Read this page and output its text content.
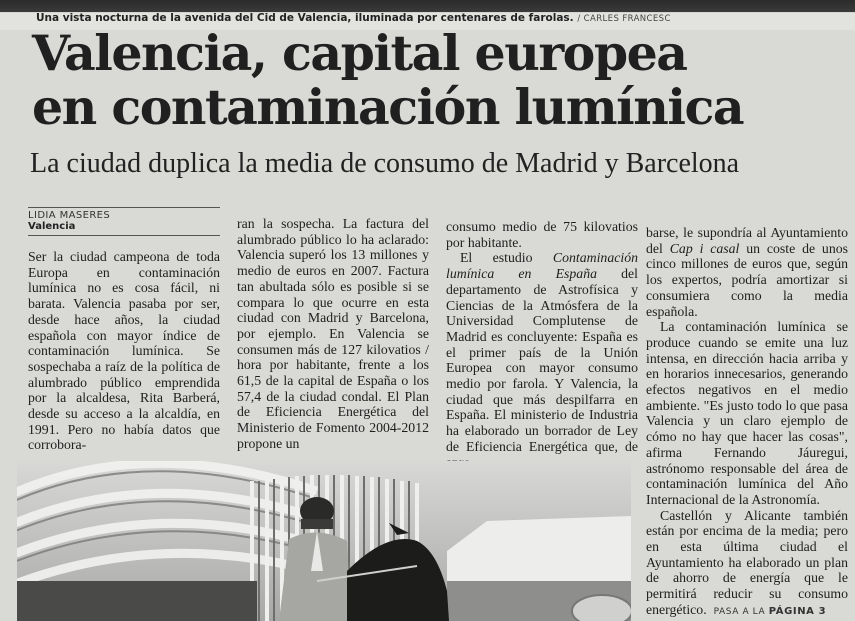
Una vista nocturna de la avenida del Cid de Valencia, iluminada por centenares de farolas. / CARLES FRANCESC
Valencia, capital europea
en contaminación lumínica
La ciudad duplica la media de consumo de Madrid y Barcelona
LIDIA MASERES
Valencia

Ser la ciudad campeona de toda Europa en contaminación lumínica no es cosa fácil, ni barata. Valencia pasaba por ser, desde hace años, la ciudad española con mayor índice de contaminación lumínica. Se sospechaba a raíz de la política de alumbrado público emprendida por la alcaldesa, Rita Barberá, desde su acceso a la alcaldía, en 1991. Pero no había datos que corrobora-

ran la sospecha. La factura del alumbrado público lo ha aclarado: Valencia superó los 13 millones y medio de euros en 2007. Factura tan abultada sólo es posible si se compara lo que ocurre en esta ciudad con Madrid y Barcelona, por ejemplo. En Valencia se consumen más de 127 kilovatios / hora por habitante, frente a los 61,5 de la capital de España o los 57,4 de la ciudad condal. El Plan de Eficiencia Energética del Ministerio de Fomento 2004-2012 propone un

consumo medio de 75 kilovatios por habitante.

El estudio Contaminación lumínica en España del departamento de Astrofísica y Ciencias de la Atmósfera de la Universidad Complutense de Madrid es concluyente: España es el primer país de la Unión Europea con mayor consumo medio por farola. Y Valencia, la ciudad que más despilfarra en España. El ministerio de Industria ha elaborado un borrador de Ley de Eficiencia Energética que, de

barse, le supondría al Ayuntamiento del Cap i casal un coste de unos cinco millones de euros que, según los expertos, podría amortizar si consumiera como la media española.

La contaminación lumínica se produce cuando se emite una luz intensa, en dirección hacia arriba y en horarios innecesarios, generando efectos negativos en el medio ambiente. "Es justo todo lo que pasa Valencia y un claro ejemplo de cómo no hay que hacer las cosas", afirma Fernando Jáuregui, astrónomo responsable del área de contaminación lumínica del Año Internacional de la Astronomía.

Castellón y Alicante también están por encima de la media; pero en esta última ciudad el Ayuntamiento ha elaborado un plan de ahorro de energía que le permitirá reducir su consumo energético. PASA A LA PÁGINA 3
